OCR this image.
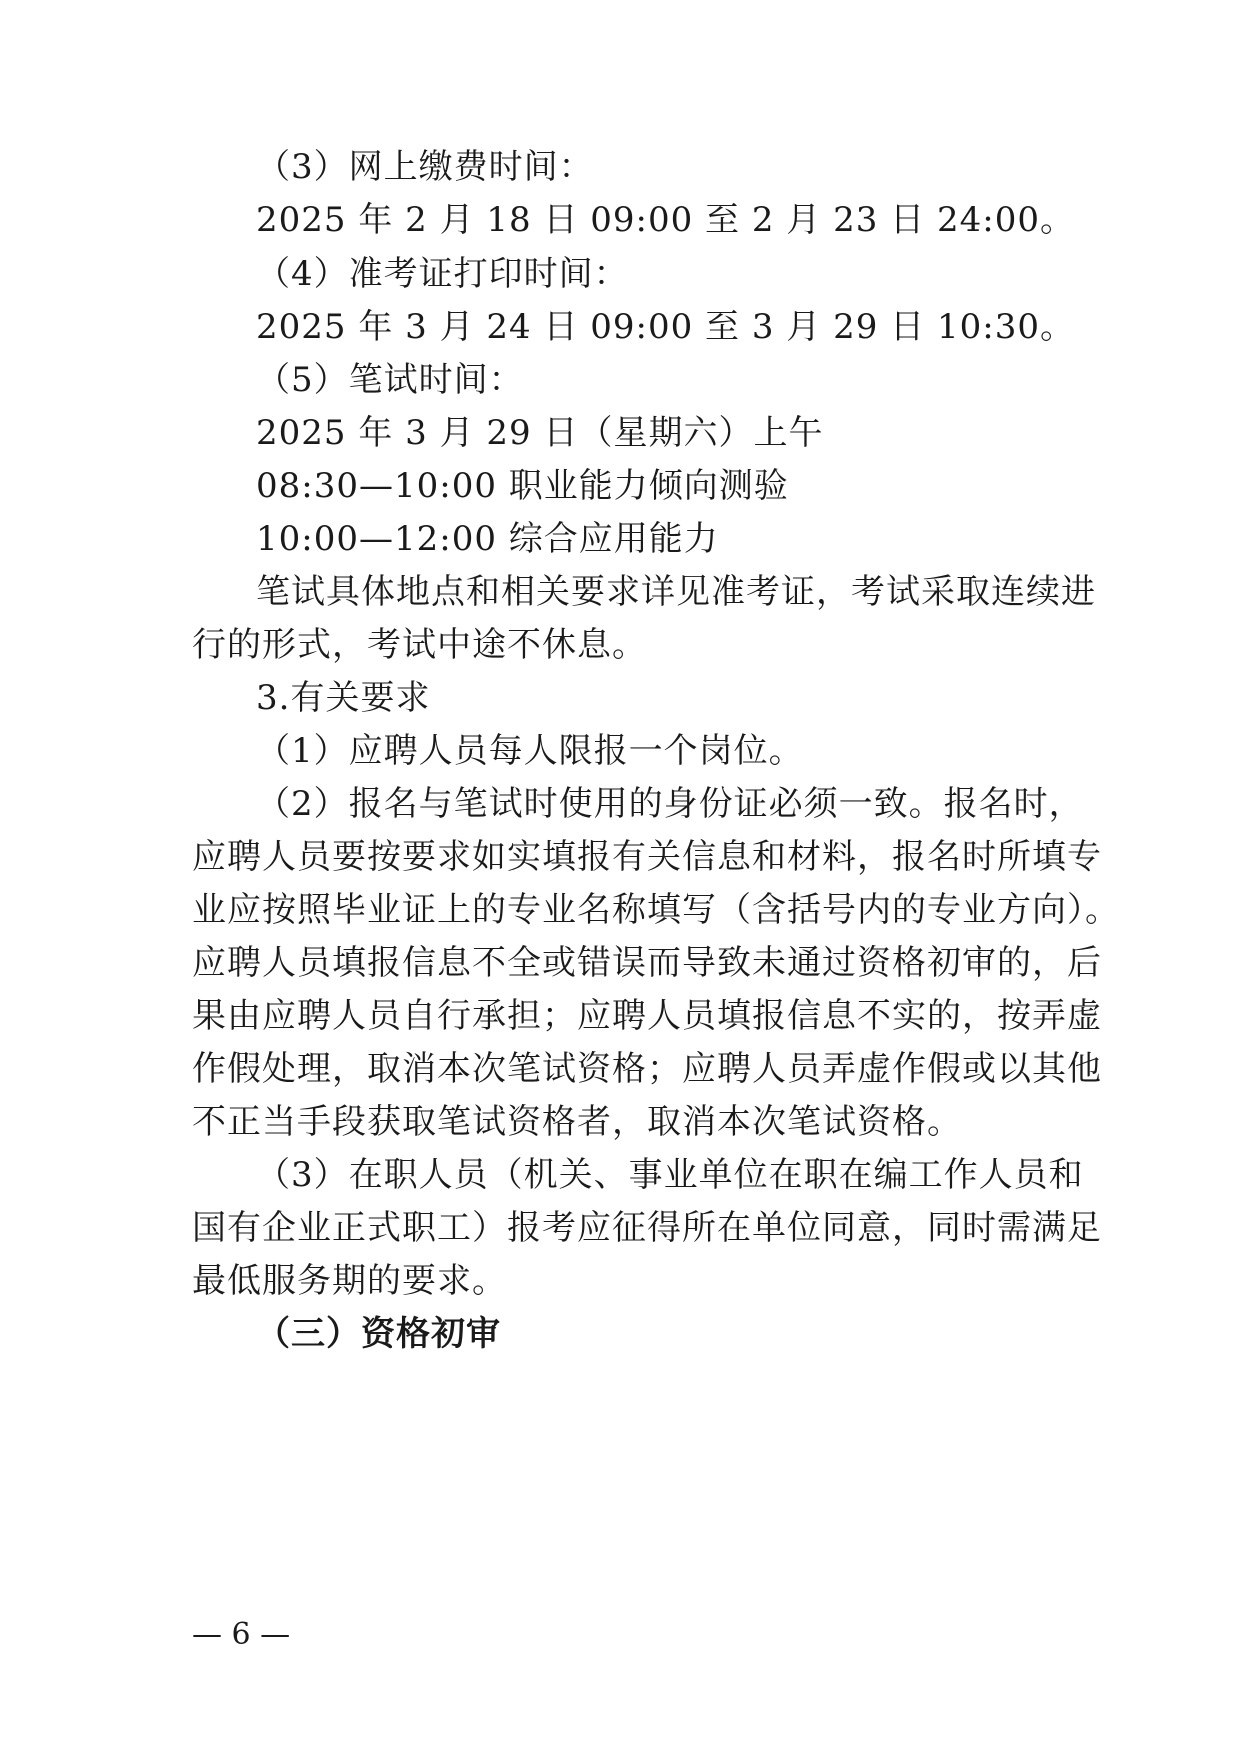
（3）网上缴费时间：
2025 年 2 月 18 日 09:00 至 2 月 23 日 24:00。
（4）准考证打印时间：
2025 年 3 月 24 日 09:00 至 3 月 29 日 10:30。
（5）笔试时间：
2025 年 3 月 29 日（星期六）上午
08:30—10:00 职业能力倾向测验
10:00—12:00 综合应用能力
笔试具体地点和相关要求详见准考证，考试采取连续进
行的形式，考试中途不休息。
3.有关要求
（1）应聘人员每人限报一个岗位。
（2）报名与笔试时使用的身份证必须一致。报名时，
应聘人员要按要求如实填报有关信息和材料，报名时所填专
业应按照毕业证上的专业名称填写（含括号内的专业方向）。
应聘人员填报信息不全或错误而导致未通过资格初审的，后
果由应聘人员自行承担；应聘人员填报信息不实的，按弄虚
作假处理，取消本次笔试资格；应聘人员弄虚作假或以其他
不正当手段获取笔试资格者，取消本次笔试资格。
（3）在职人员（机关、事业单位在职在编工作人员和
国有企业正式职工）报考应征得所在单位同意，同时需满足
最低服务期的要求。
（三）资格初审
— 6 —
